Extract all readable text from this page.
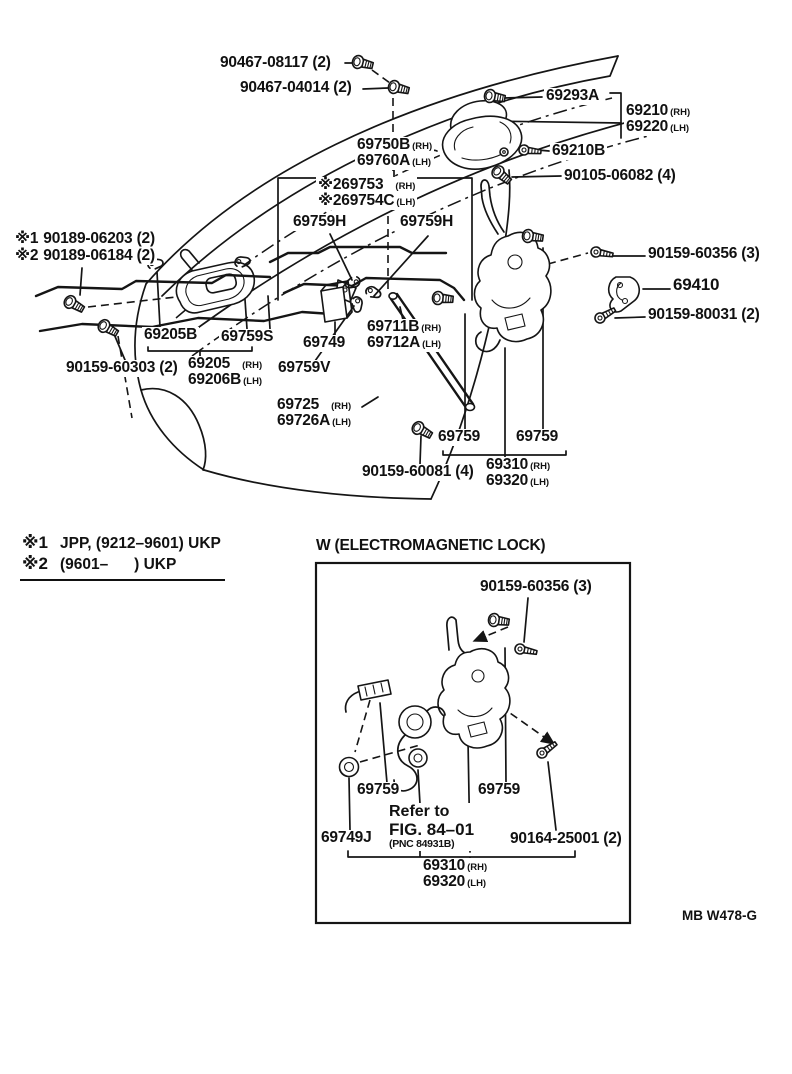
90467-08117 (2)
90467-04014 (2)	69293A
69210 (RH)
69220 (LH)
69750B (RH)
69760A (LH)
69210B
90105-06082 (4)
※269753 (RH)
※269754C (LH)
69759H	69759H
※1 90189-06203 (2)
※2 90189-06184 (2)	90159-60356 (3)
69410
90159-80031 (2)
69205B 69759S 69749
69711B (RH)
69712A (LH)
90159-60303 (2) 69205 (RH)
69206B (LH)
69759V
69725 (RH)
69726A (LH)
69759 69759
90159-60081 (4) 69310 (RH)
69320 (LH)
※1 JPP, (9212–9601) UKP
※2 (9601–      ) UKP
W (ELECTROMAGNETIC LOCK)
90159-60356 (3)
69759	69759
69749J
Refer to
FIG. 84–01
(PNC 84931B)	90164-25001 (2)
69310 (RH)
69320 (LH)
MB W478-G
